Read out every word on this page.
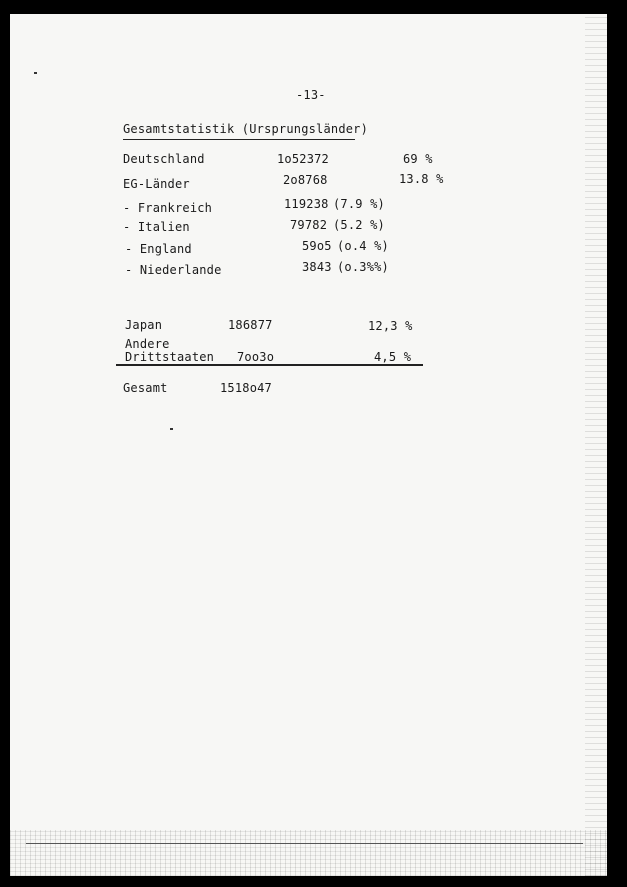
-13-
Gesamtstatistik (Ursprungsländer)
Deutschland	1o52372	69 %
EG-Länder	2o8768	13.8 %
- Frankreich	119238 (7.9 %)
- Italien	79782 (5.2 %)
- England	59o5 (o.4 %)
- Niederlande	3843 (o.3%%)
Japan	186877	12,3 %
Andere
Drittstaaten 7oo3o	4,5 %
Gesamt	1518o47
